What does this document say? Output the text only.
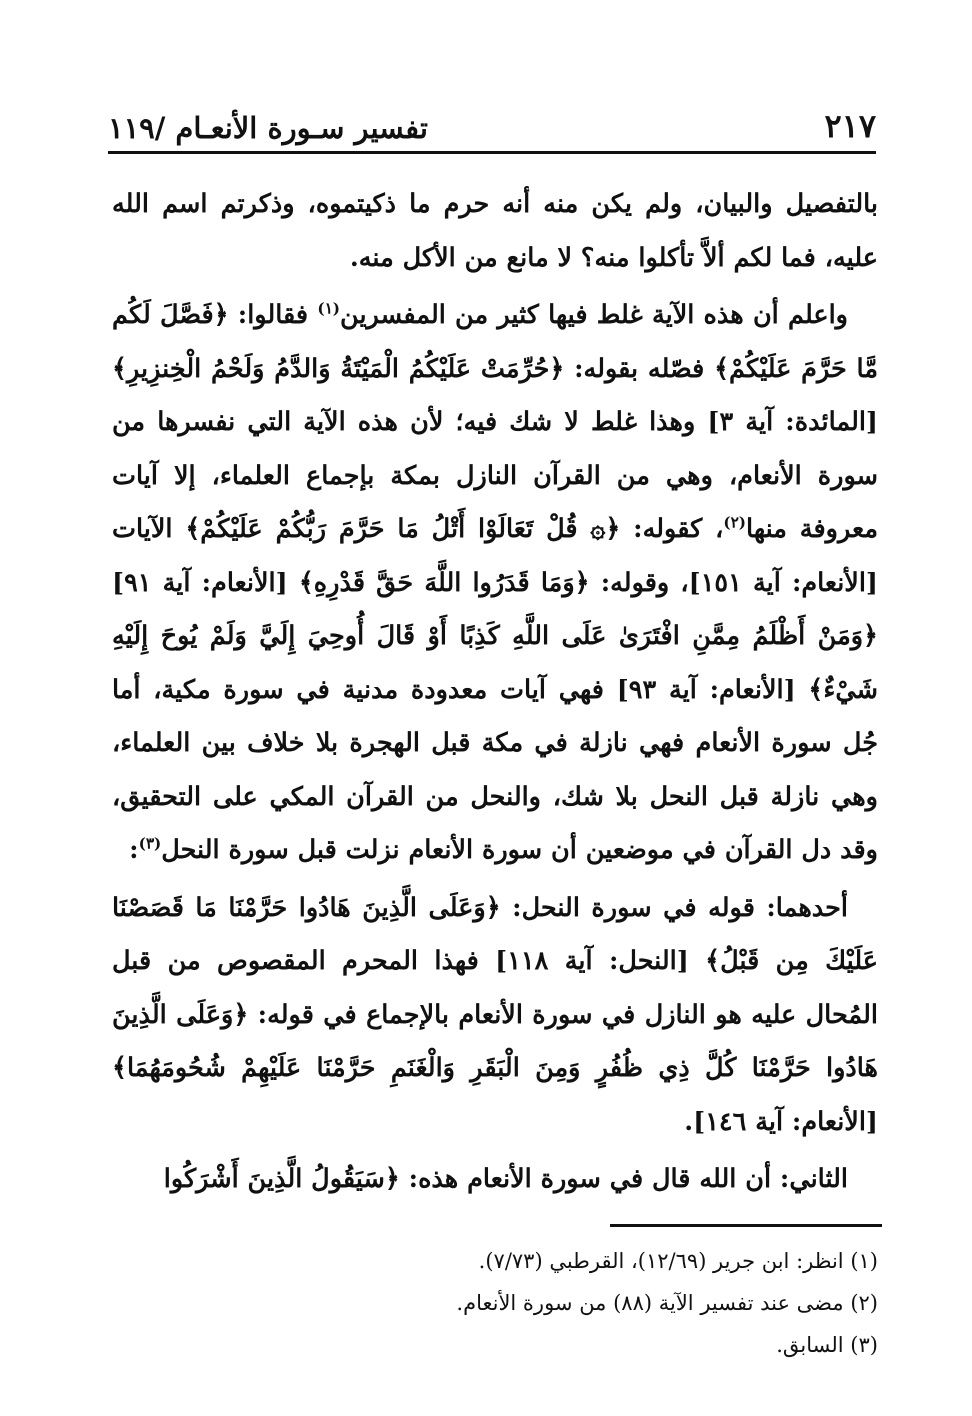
تفسير سـورة الأنعـام /١١٩	٢١٧

بالتفصيل والبيان، ولم يكن منه أنه حرم ما ذكيتموه، وذكرتم اسم الله عليه، فما لكم ألاَّ تأكلوا منه؟ لا مانع من الأكل منه.

واعلم أن هذه الآية غلط فيها كثير من المفسرين$^{(١)}$ فقالوا: ﴿فَصَّلَ لَكُم مَّا حَرَّمَ عَلَيْكُمْ﴾ فصّله بقوله: ﴿حُرِّمَتْ عَلَيْكُمُ الْمَيْتَةُ وَالدَّمُ وَلَحْمُ الْخِنزِيرِ﴾ [المائدة: آية ٣] وهذا غلط لا شك فيه؛ لأن هذه الآية التي نفسرها من سورة الأنعام، وهي من القرآن النازل بمكة بإجماع العلماء، إلا آيات معروفة منها$^{(٢)}$، كقوله: ﴿۞ قُلْ تَعَالَوْا أَتْلُ مَا حَرَّمَ رَبُّكُمْ عَلَيْكُمْ﴾ الآيات [الأنعام: آية ١٥١]، وقوله: ﴿وَمَا قَدَرُوا اللَّهَ حَقَّ قَدْرِهِ﴾ [الأنعام: آية ٩١] ﴿وَمَنْ أَظْلَمُ مِمَّنِ افْتَرَىٰ عَلَى اللَّهِ كَذِبًا أَوْ قَالَ أُوحِيَ إِلَيَّ وَلَمْ يُوحَ إِلَيْهِ شَيْءٌ﴾ [الأنعام: آية ٩٣] فهي آيات معدودة مدنية في سورة مكية، أما جُل سورة الأنعام فهي نازلة في مكة قبل الهجرة بلا خلاف بين العلماء، وهي نازلة قبل النحل بلا شك، والنحل من القرآن المكي على التحقيق، وقد دل القرآن في موضعين أن سورة الأنعام نزلت قبل سورة النحل$^{(٣)}$:

أحدهما: قوله في سورة النحل: ﴿وَعَلَى الَّذِينَ هَادُوا حَرَّمْنَا مَا قَصَصْنَا عَلَيْكَ مِن قَبْلُ﴾ [النحل: آية ١١٨] فهذا المحرم المقصوص من قبل المُحال عليه هو النازل في سورة الأنعام بالإجماع في قوله: ﴿وَعَلَى الَّذِينَ هَادُوا حَرَّمْنَا كُلَّ ذِي ظُفُرٍ وَمِنَ الْبَقَرِ وَالْغَنَمِ حَرَّمْنَا عَلَيْهِمْ شُحُومَهُمَا﴾ [الأنعام: آية ١٤٦].

الثاني: أن الله قال في سورة الأنعام هذه: ﴿سَيَقُولُ الَّذِينَ أَشْرَكُوا

(١) انظر: ابن جرير (١٢/٦٩)، القرطبي (٧/٧٣).
(٢) مضى عند تفسير الآية (٨٨) من سورة الأنعام.
(٣) السابق.
